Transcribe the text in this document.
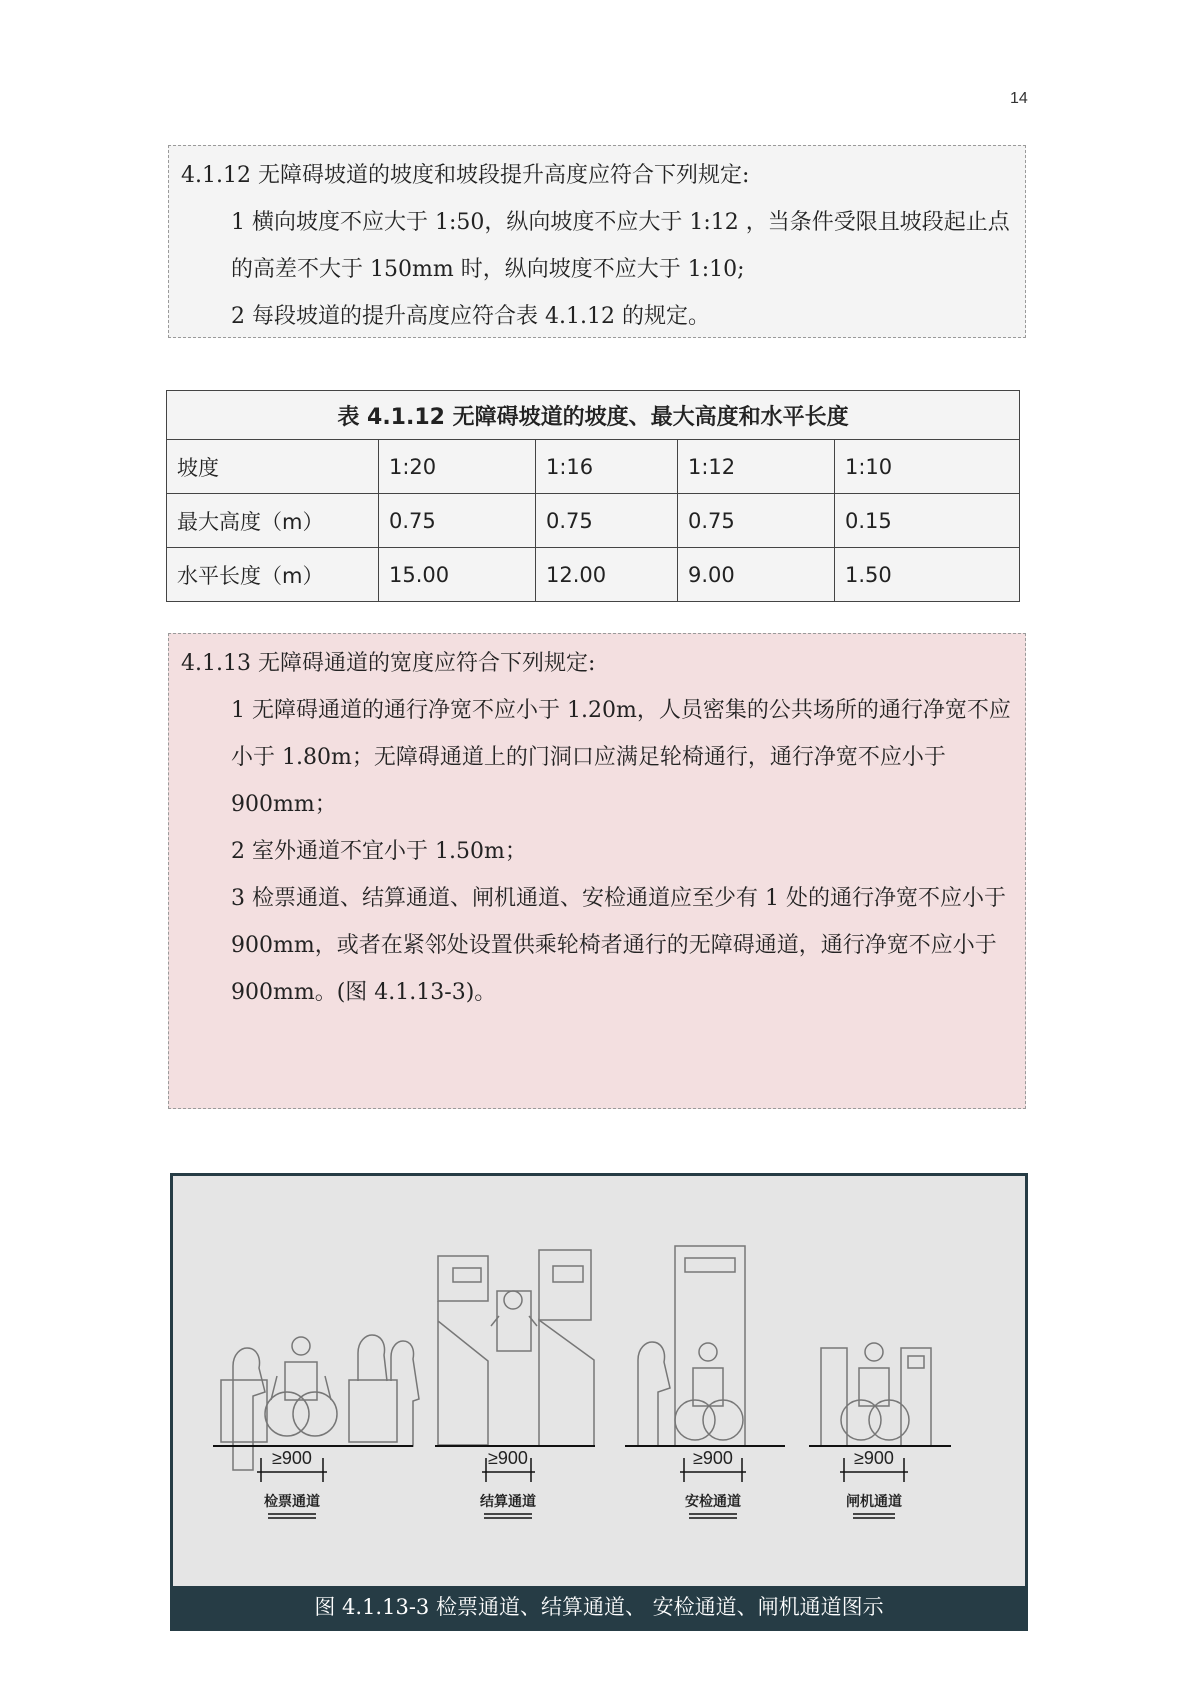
14

4.1.12 无障碍坡道的坡度和坡段提升高度应符合下列规定:

1 横向坡度不应大于 1:50，纵向坡度不应大于 1:12 ，当条件受限且坡段起止点的高差不大于 150mm 时，纵向坡度不应大于 1:10;

2 每段坡道的提升高度应符合表 4.1.12 的规定。

表 4.1.12 无障碍坡道的坡度、最大高度和水平长度				
坡度	1:20	1:16	1:12	1:10
最大高度（m）	0.75	0.75	0.75	0.15
水平长度（m）	15.00	12.00	9.00	1.50

4.1.13 无障碍通道的宽度应符合下列规定:

1 无障碍通道的通行净宽不应小于 1.20m，人员密集的公共场所的通行净宽不应小于 1.80m；无障碍通道上的门洞口应满足轮椅通行，通行净宽不应小于 900mm；

2 室外通道不宜小于 1.50m；

3 检票通道、结算通道、闸机通道、安检通道应至少有 1 处的通行净宽不应小于 900mm，或者在紧邻处设置供乘轮椅者通行的无障碍通道，通行净宽不应小于 900mm。(图 4.1.13-3)。

≥900	≥900	≥900	≥900
检票通道	结算通道	安检通道	闸机通道
图 4.1.13-3 检票通道、结算通道、 安检通道、闸机通道图示
